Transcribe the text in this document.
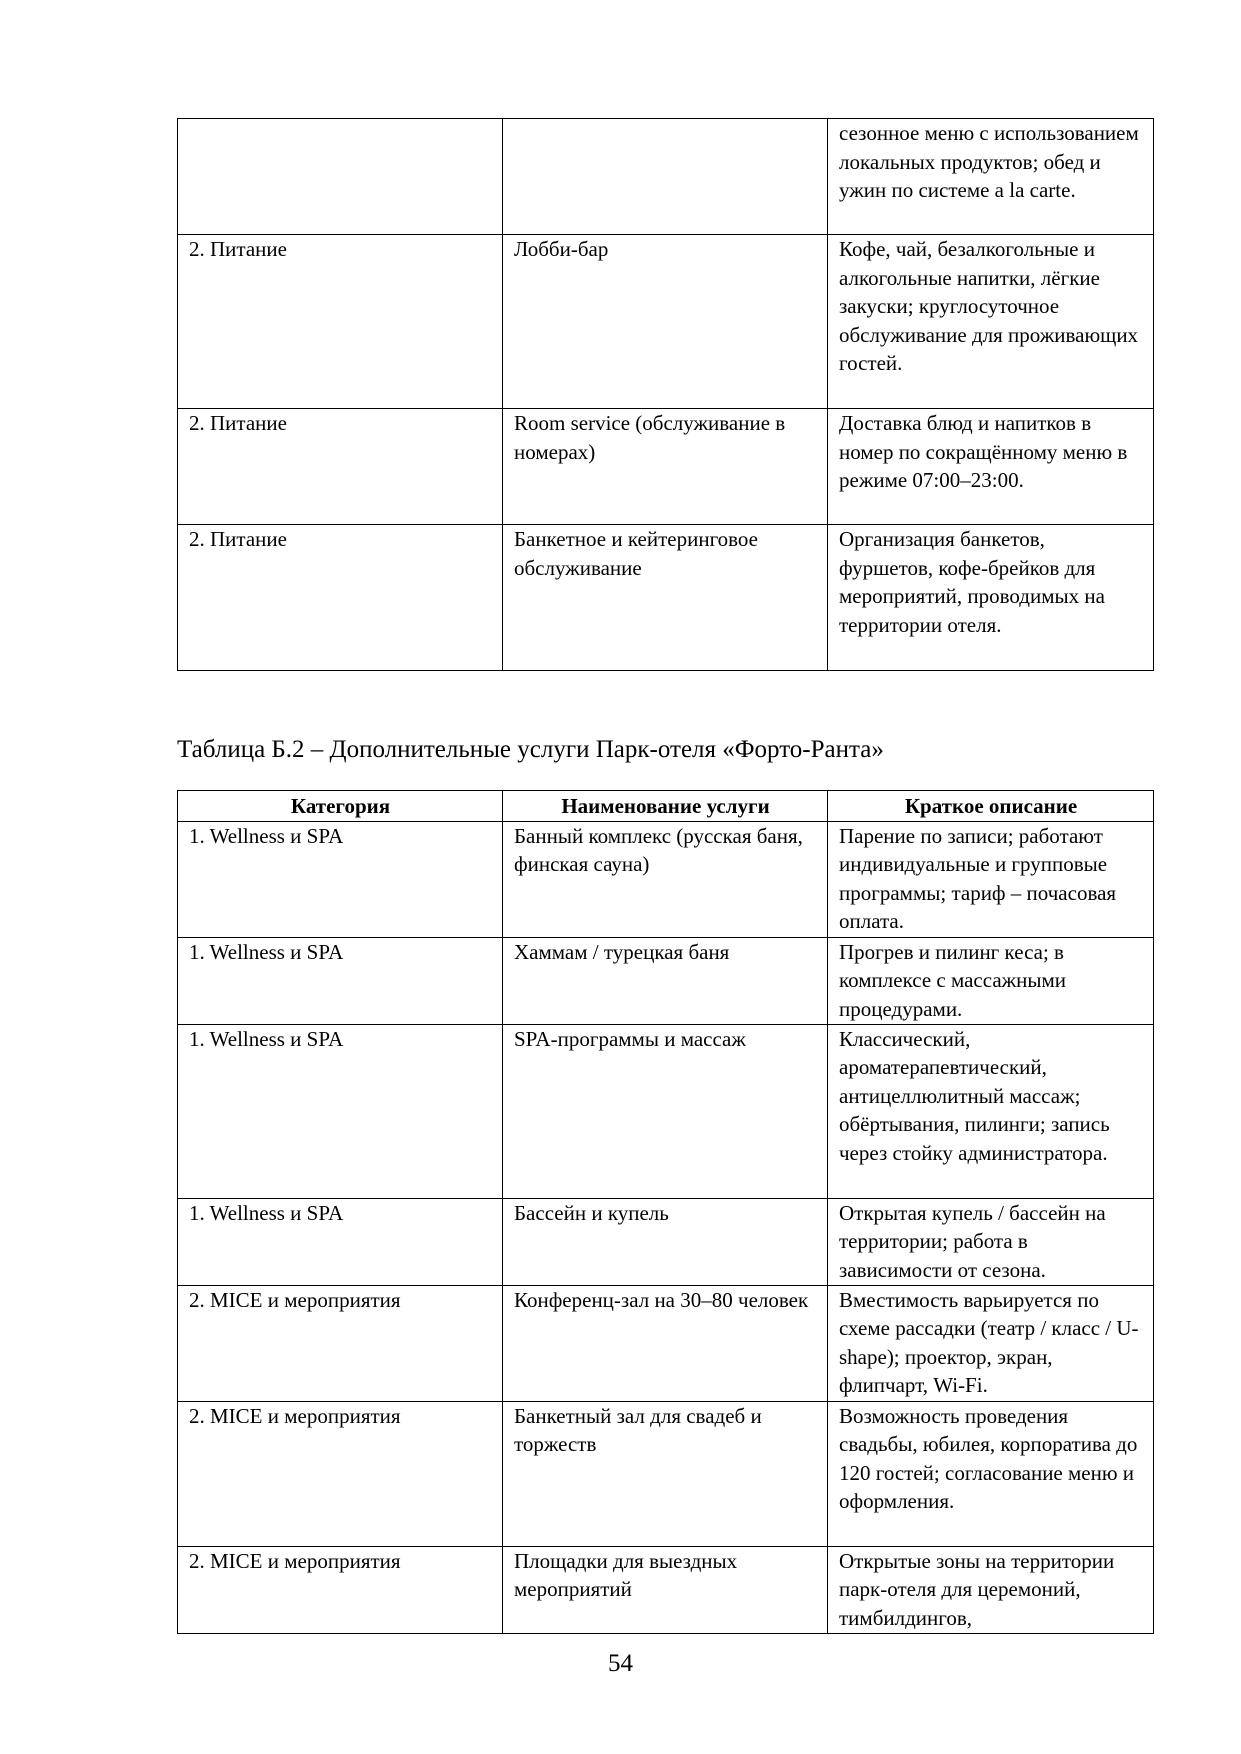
		сезонное меню с использованием локальных продуктов; обед и ужин по системе a la carte.
2. Питание	Лобби-бар	Кофе, чай, безалкогольные и алкогольные напитки, лёгкие закуски; круглосуточное обслуживание для проживающих гостей.
2. Питание	Room service (обслуживание в номерах)	Доставка блюд и напитков в номер по сокращённому меню в режиме 07:00–23:00.
2. Питание	Банкетное и кейтеринговое обслуживание	Организация банкетов, фуршетов, кофе-брейков для мероприятий, проводимых на территории отеля.
Таблица Б.2 – Дополнительные услуги Парк-отеля «Форто-Ранта»
Категория	Наименование услуги	Краткое описание
1. Wellness и SPA	Банный комплекс (русская баня, финская сауна)	Парение по записи; работают индивидуальные и групповые программы; тариф – почасовая оплата.
1. Wellness и SPA	Хаммам / турецкая баня	Прогрев и пилинг кеса; в комплексе с массажными процедурами.
1. Wellness и SPA	SPA-программы и массаж	Классический, ароматерапевтический, антицеллюлитный массаж; обёртывания, пилинги; запись через стойку администратора.
1. Wellness и SPA	Бассейн и купель	Открытая купель / бассейн на территории; работа в зависимости от сезона.
2. MICE и мероприятия	Конференц-зал на 30–80 человек	Вместимость варьируется по схеме рассадки (театр / класс / U-shape); проектор, экран, флипчарт, Wi-Fi.
2. MICE и мероприятия	Банкетный зал для свадеб и торжеств	Возможность проведения свадьбы, юбилея, корпоратива до 120 гостей; согласование меню и оформления.
2. MICE и мероприятия	Площадки для выездных мероприятий	Открытые зоны на территории парк-отеля для церемоний, тимбилдингов,
54
